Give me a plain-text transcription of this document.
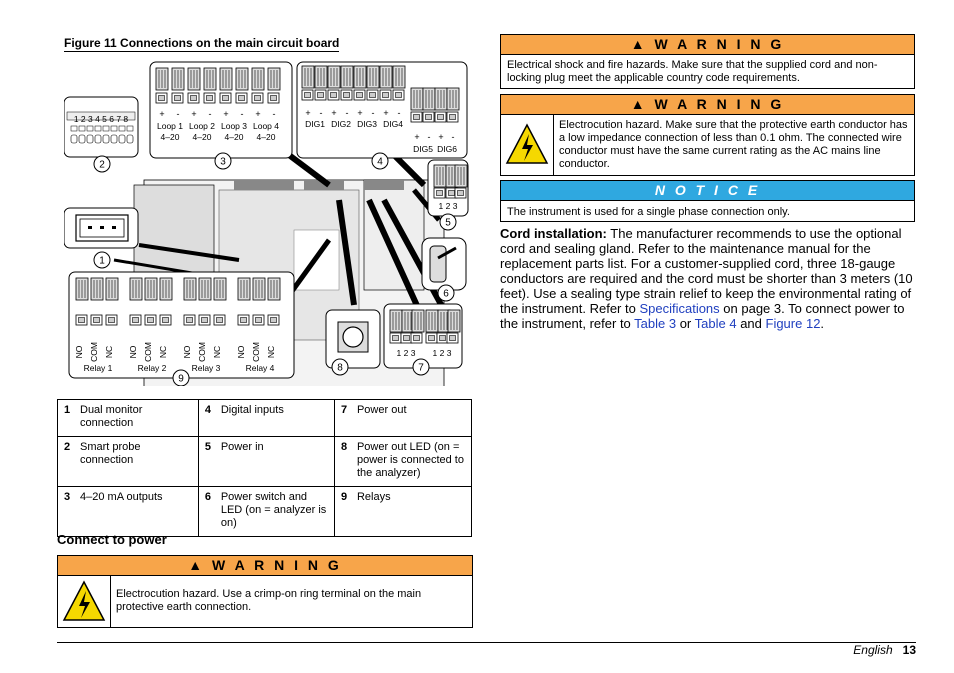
Figure 11 Connections on the main circuit board
1 2 3 4 5 6 7 8	+ - + - + - + -
Loop 1 Loop 2 Loop 3 Loop 4
4–20 4–20 4–20 4–20
+ - + - + - + -
DIG1 DIG2 DIG3 DIG4
+ - + -
DIG5 DIG6
1 2 3
NO COM NC NO COM NC NO COM NC NO COM NC
Relay 1	Relay 2	Relay 3	Relay 4
1 2 3 1 2 3
1
2	3	4
5
6
7
8
9
1 Dual monitor connection	4 Digital inputs	7 Power out

2 Smart probe connection	5 Power in	8 Power out LED (on = power is connected to the analyzer)

3 4–20 mA outputs	6 Power switch and LED (on = analyzer is on)	9 Relays
Connect to power
▲ W A R N I N G
Electrocution hazard. Use a crimp-on ring terminal on the main protective earth connection.
▲ W A R N I N G
Electrical shock and fire hazards. Make sure that the supplied cord and non-locking plug meet the applicable country code requirements.
▲ W A R N I N G
Electrocution hazard. Make sure that the protective earth conductor has a low impedance connection of less than 0.1 ohm. The connected wire conductor must have the same current rating as the AC mains line conductor.
N O T I C E
The instrument is used for a single phase connection only.
Cord installation: The manufacturer recommends to use the optional cord and sealing gland. Refer to the maintenance manual for the replacement parts list. For a customer-supplied cord, three 18-gauge conductors are required and the cord must be shorter than 3 meters (10 feet). Use a sealing type strain relief to keep the environmental rating of the instrument. Refer to Specifications on page 3. To connect power to the instrument, refer to Table 3 or Table 4 and Figure 12.
English 13
